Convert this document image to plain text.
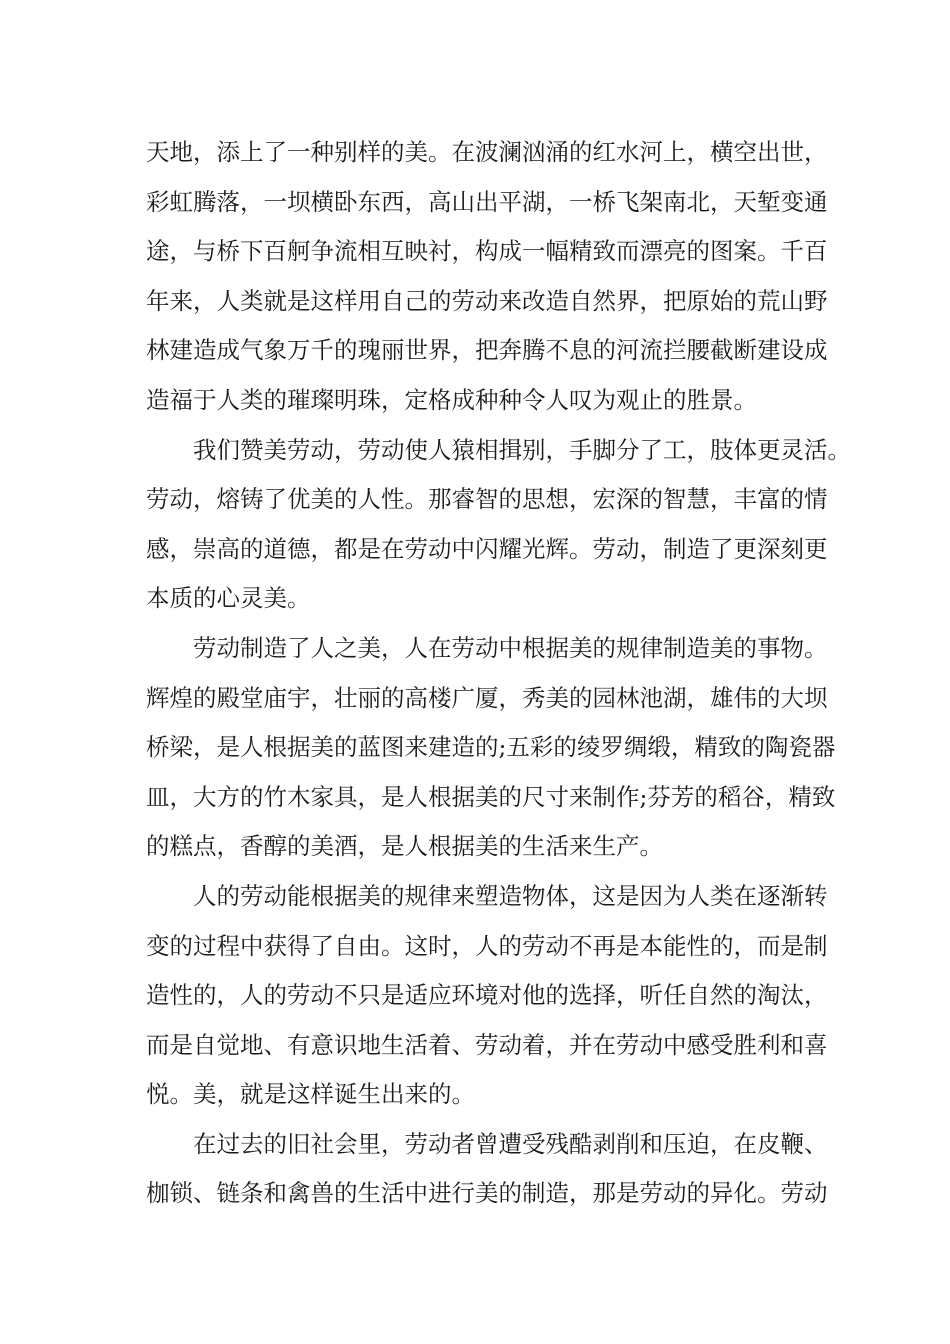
天地，添上了一种别样的美。在波澜汹涌的红水河上，横空出世，
彩虹腾落，一坝横卧东西，高山出平湖，一桥飞架南北，天堑变通
途，与桥下百舸争流相互映衬，构成一幅精致而漂亮的图案。千百
年来，人类就是这样用自己的劳动来改造自然界，把原始的荒山野
林建造成气象万千的瑰丽世界，把奔腾不息的河流拦腰截断建设成
造福于人类的璀璨明珠，定格成种种令人叹为观止的胜景。
我们赞美劳动，劳动使人猿相揖别，手脚分了工，肢体更灵活。
劳动，熔铸了优美的人性。那睿智的思想，宏深的智慧，丰富的情
感，崇高的道德，都是在劳动中闪耀光辉。劳动，制造了更深刻更
本质的心灵美。
劳动制造了人之美，人在劳动中根据美的规律制造美的事物。
辉煌的殿堂庙宇，壮丽的高楼广厦，秀美的园林池湖，雄伟的大坝
桥梁，是人根据美的蓝图来建造的;五彩的绫罗绸缎，精致的陶瓷器
皿，大方的竹木家具，是人根据美的尺寸来制作;芬芳的稻谷，精致
的糕点，香醇的美酒，是人根据美的生活来生产。
人的劳动能根据美的规律来塑造物体，这是因为人类在逐渐转
变的过程中获得了自由。这时，人的劳动不再是本能性的，而是制
造性的，人的劳动不只是适应环境对他的选择，听任自然的淘汰，
而是自觉地、有意识地生活着、劳动着，并在劳动中感受胜利和喜
悦。美，就是这样诞生出来的。
在过去的旧社会里，劳动者曾遭受残酷剥削和压迫，在皮鞭、
枷锁、链条和禽兽的生活中进行美的制造，那是劳动的异化。劳动
